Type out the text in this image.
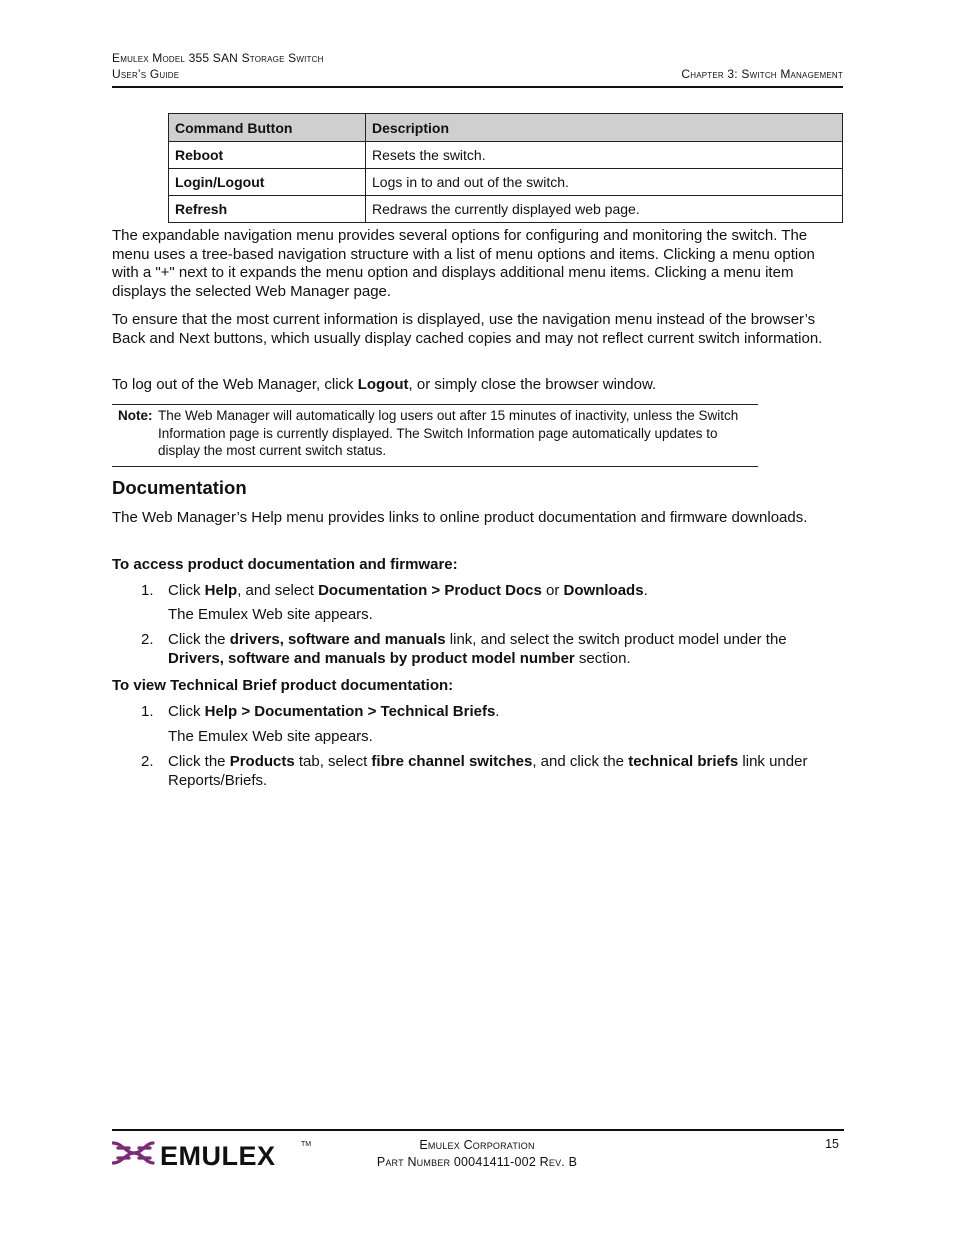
Emulex Model 355 SAN Storage Switch
User’s Guide	Chapter 3: Switch Management
Command Button	Description
Reboot	Resets the switch.
Login/Logout	Logs in to and out of the switch.
Refresh	Redraws the currently displayed web page.

The expandable navigation menu provides several options for configuring and monitoring the switch. The menu uses a tree-based navigation structure with a list of menu options and items. Clicking a menu option with a "+" next to it expands the menu option and displays additional menu items. Clicking a menu item displays the selected Web Manager page.

To ensure that the most current information is displayed, use the navigation menu instead of the browser’s Back and Next buttons, which usually display cached copies and may not reflect current switch information.

To log out of the Web Manager, click Logout, or simply close the browser window.

Note: The Web Manager will automatically log users out after 15 minutes of inactivity, unless the Switch Information page is currently displayed. The Switch Information page automatically updates to display the most current switch status.
Documentation

The Web Manager’s Help menu provides links to online product documentation and firmware downloads.

To access product documentation and firmware:
1. Click Help, and select Documentation > Product Docs or Downloads.
The Emulex Web site appears.
2. Click the drivers, software and manuals link, and select the switch product model under the Drivers, software and manuals by product model number section.
To view Technical Brief product documentation:
1. Click Help > Documentation > Technical Briefs.
The Emulex Web site appears.
2. Click the Products tab, select fibre channel switches, and click the technical briefs link under Reports/Briefs.
EMULEX	TM	Emulex Corporation
Part Number 00041411-002 Rev. B
15
